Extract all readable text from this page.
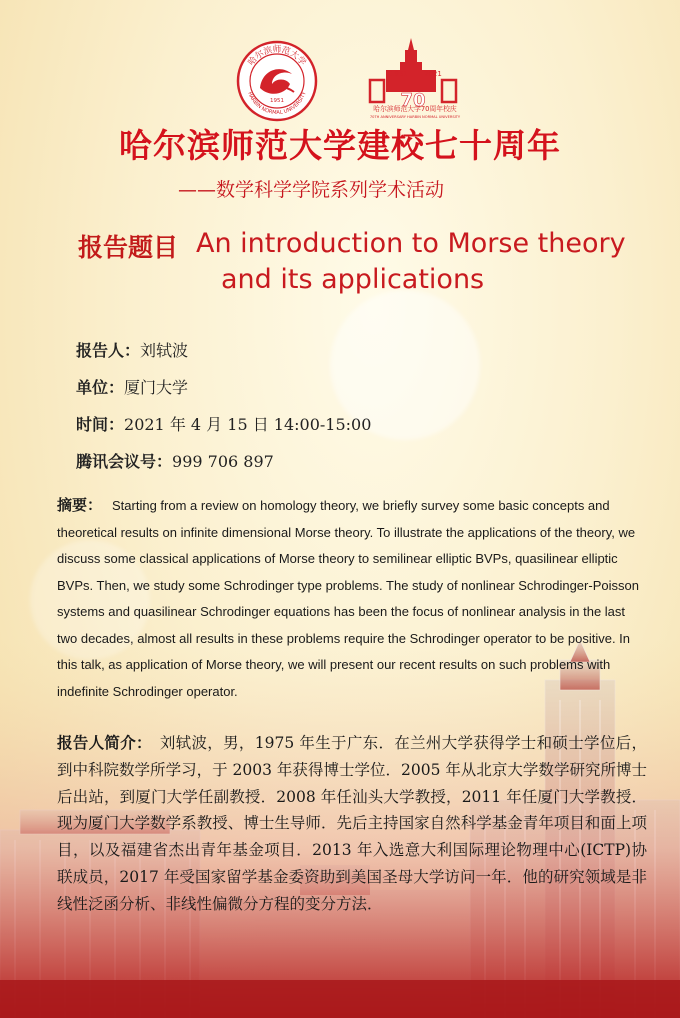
哈尔滨师范大学
HARBIN NORMAL UNIVERSITY
1951
1951 2021
70
哈尔滨师范大学70周年校庆
70TH ANNIVERSARY HARBIN NORMAL UNIVERSITY
哈尔滨师范大学建校七十周年
——数学科学学院系列学术活动
报告题目 An introduction to Morse theory
and its applications
报告人：刘轼波
单位：厦门大学
时间：2021 年 4 月 15 日 14:00-15:00
腾讯会议号：999 706 897
摘要： Starting from a review on homology theory, we briefly survey some basic concepts and theoretical results on infinite dimensional Morse theory. To illustrate the applications of the theory, we discuss some classical applications of Morse theory to semilinear elliptic BVPs, quasilinear elliptic BVPs. Then, we study some Schrodinger type problems. The study of nonlinear Schrodinger-Poisson systems and quasilinear Schrodinger equations has been the focus of nonlinear analysis in the last two decades, almost all results in these problems require the Schrodinger operator to be positive. In this talk, as application of Morse theory, we will present our recent results on such problems with indefinite Schrodinger operator.
报告人简介： 刘轼波，男，1975 年生于广东．在兰州大学获得学士和硕士学位后，到中科院数学所学习，于 2003 年获得博士学位．2005 年从北京大学数学研究所博士后出站，到厦门大学任副教授．2008 年任汕头大学教授，2011 年任厦门大学教授．现为厦门大学数学系教授、博士生导师．先后主持国家自然科学基金青年项目和面上项目，以及福建省杰出青年基金项目．2013 年入选意大利国际理论物理中心(ICTP)协联成员，2017 年受国家留学基金委资助到美国圣母大学访问一年．他的研究领域是非线性泛函分析、非线性偏微分方程的变分方法．
